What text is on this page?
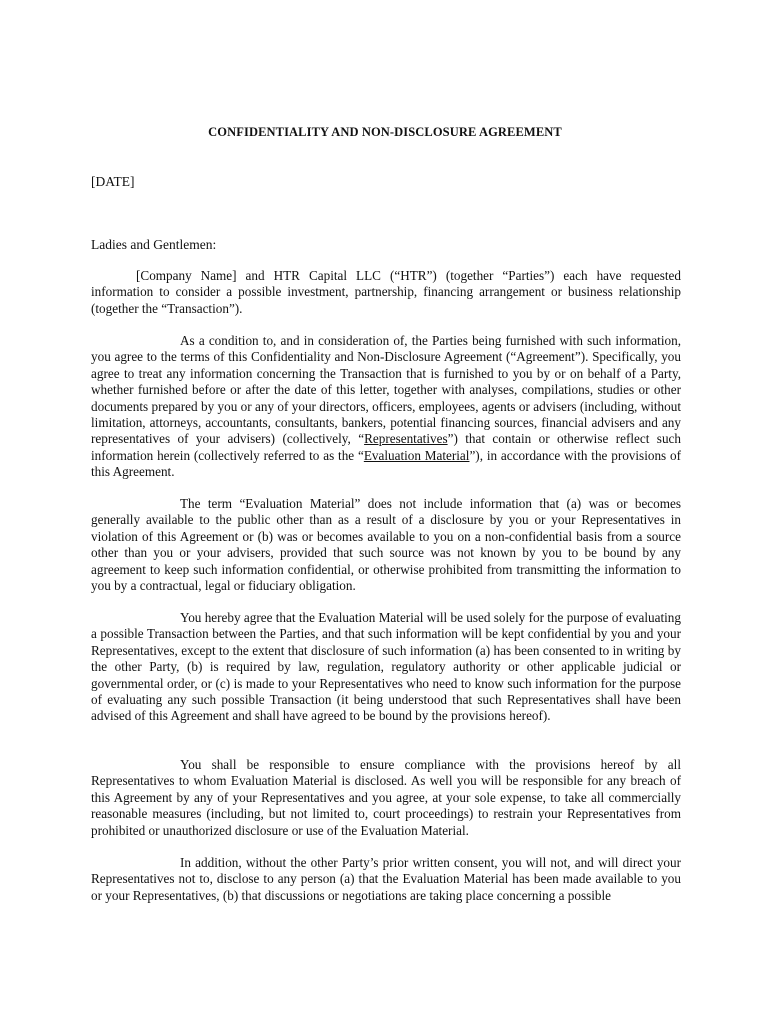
CONFIDENTIALITY AND NON-DISCLOSURE AGREEMENT
[DATE]
Ladies and Gentlemen:

[Company Name] and HTR Capital LLC (“HTR”) (together “Parties”) each have requested information to consider a possible investment, partnership, financing arrangement or business relationship (together the “Transaction”).

As a condition to, and in consideration of, the Parties being furnished with such information, you agree to the terms of this Confidentiality and Non-Disclosure Agreement (“Agreement”). Specifically, you agree to treat any information concerning the Transaction that is furnished to you by or on behalf of a Party, whether furnished before or after the date of this letter, together with analyses, compilations, studies or other documents prepared by you or any of your directors, officers, employees, agents or advisers (including, without limitation, attorneys, accountants, consultants, bankers, potential financing sources, financial advisers and any representatives of your advisers) (collectively, “Representatives”) that contain or otherwise reflect such information herein (collectively referred to as the “Evaluation Material”), in accordance with the provisions of this Agreement.

The term “Evaluation Material” does not include information that (a) was or becomes generally available to the public other than as a result of a disclosure by you or your Representatives in violation of this Agreement or (b) was or becomes available to you on a non-confidential basis from a source other than you or your advisers, provided that such source was not known by you to be bound by any agreement to keep such information confidential, or otherwise prohibited from transmitting the information to you by a contractual, legal or fiduciary obligation.

You hereby agree that the Evaluation Material will be used solely for the purpose of evaluating a possible Transaction between the Parties, and that such information will be kept confidential by you and your Representatives, except to the extent that disclosure of such information (a) has been consented to in writing by the other Party, (b) is required by law, regulation, regulatory authority or other applicable judicial or governmental order, or (c) is made to your Representatives who need to know such information for the purpose of evaluating any such possible Transaction (it being understood that such Representatives shall have been advised of this Agreement and shall have agreed to be bound by the provisions hereof).

You shall be responsible to ensure compliance with the provisions hereof by all Representatives to whom Evaluation Material is disclosed. As well you will be responsible for any breach of this Agreement by any of your Representatives and you agree, at your sole expense, to take all commercially reasonable measures (including, but not limited to, court proceedings) to restrain your Representatives from prohibited or unauthorized disclosure or use of the Evaluation Material.

In addition, without the other Party’s prior written consent, you will not, and will direct your Representatives not to, disclose to any person (a) that the Evaluation Material has been made available to you or your Representatives, (b) that discussions or negotiations are taking place concerning a possible
